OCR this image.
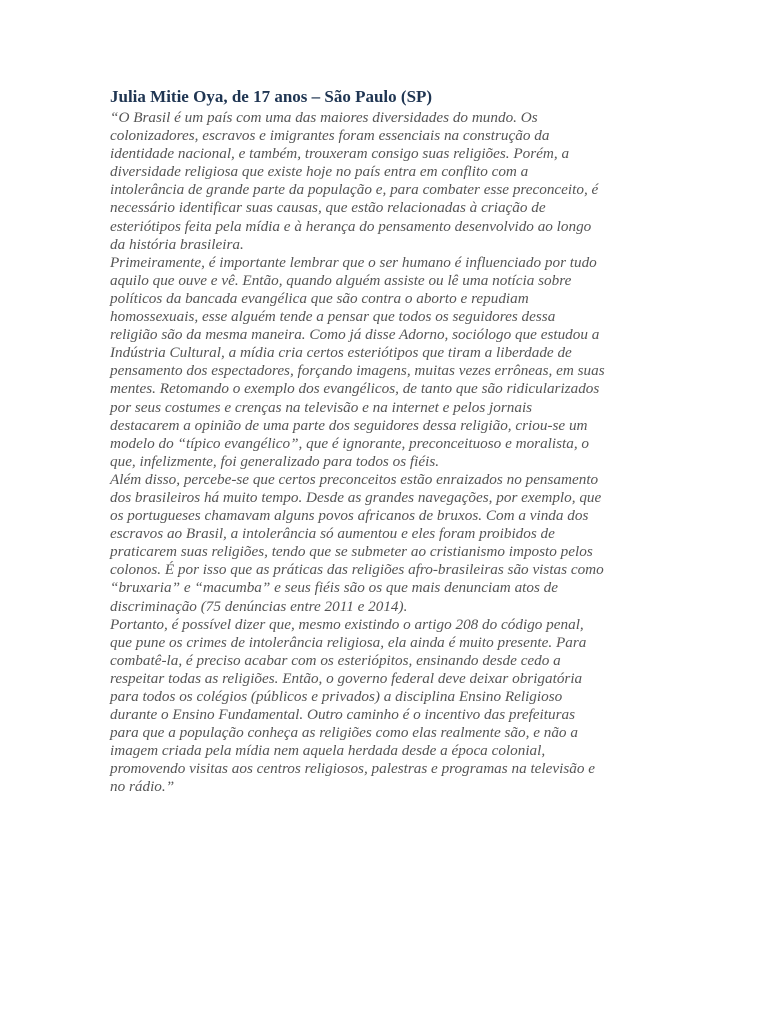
Julia Mitie Oya, de 17 anos – São Paulo (SP)

“O Brasil é um país com uma das maiores diversidades do mundo. Os
colonizadores, escravos e imigrantes foram essenciais na construção da
identidade nacional, e também, trouxeram consigo suas religiões. Porém, a
diversidade religiosa que existe hoje no país entra em conflito com a
intolerância de grande parte da população e, para combater esse preconceito, é
necessário identificar suas causas, que estão relacionadas à criação de
esteriótipos feita pela mídia e à herança do pensamento desenvolvido ao longo
da história brasileira.

Primeiramente, é importante lembrar que o ser humano é influenciado por tudo
aquilo que ouve e vê. Então, quando alguém assiste ou lê uma notícia sobre
políticos da bancada evangélica que são contra o aborto e repudiam
homossexuais, esse alguém tende a pensar que todos os seguidores dessa
religião são da mesma maneira. Como já disse Adorno, sociólogo que estudou a
Indústria Cultural, a mídia cria certos esteriótipos que tiram a liberdade de
pensamento dos espectadores, forçando imagens, muitas vezes errôneas, em suas
mentes. Retomando o exemplo dos evangélicos, de tanto que são ridicularizados
por seus costumes e crenças na televisão e na internet e pelos jornais
destacarem a opinião de uma parte dos seguidores dessa religião, criou-se um
modelo do “típico evangélico”, que é ignorante, preconceituoso e moralista, o
que, infelizmente, foi generalizado para todos os fiéis.

Além disso, percebe-se que certos preconceitos estão enraizados no pensamento
dos brasileiros há muito tempo. Desde as grandes navegações, por exemplo, que
os portugueses chamavam alguns povos africanos de bruxos. Com a vinda dos
escravos ao Brasil, a intolerância só aumentou e eles foram proibidos de
praticarem suas religiões, tendo que se submeter ao cristianismo imposto pelos
colonos. É por isso que as práticas das religiões afro-brasileiras são vistas como
“bruxaria” e “macumba” e seus fiéis são os que mais denunciam atos de
discriminação (75 denúncias entre 2011 e 2014).

Portanto, é possível dizer que, mesmo existindo o artigo 208 do código penal,
que pune os crimes de intolerância religiosa, ela ainda é muito presente. Para
combatê-la, é preciso acabar com os esteriópitos, ensinando desde cedo a
respeitar todas as religiões. Então, o governo federal deve deixar obrigatória
para todos os colégios (públicos e privados) a disciplina Ensino Religioso
durante o Ensino Fundamental. Outro caminho é o incentivo das prefeituras
para que a população conheça as religiões como elas realmente são, e não a
imagem criada pela mídia nem aquela herdada desde a época colonial,
promovendo visitas aos centros religiosos, palestras e programas na televisão e
no rádio.”
